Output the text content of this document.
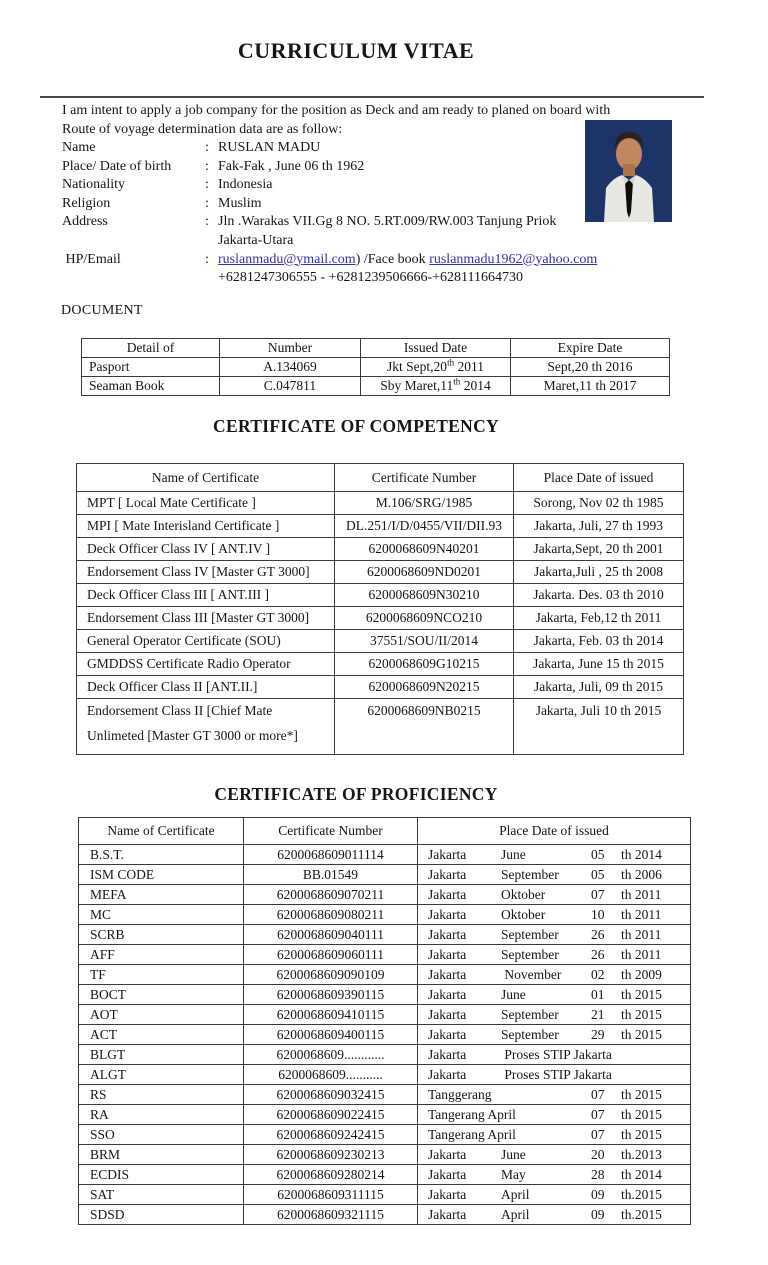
CURRICULUM VITAE
I am intent to apply a job company for the position as Deck and am ready to planed on board with
Route of voyage determination data are as follow:
Name	: RUSLAN MADU
Place/ Date of birth : Fak-Fak , June 06 th 1962
Nationality	: Indonesia
Religion	: Muslim
Address	: Jln .Warakas VII.Gg 8 NO. 5.RT.009/RW.003 Tanjung Priok
Jakarta-Utara
HP/Email	: ruslanmadu@ymail.com) /Face book ruslanmadu1962@yahoo.com
+6281247306555 - +6281239506666-+628111664730
DOCUMENT
Detail of	Number	Issued Date	Expire Date
Pasport	A.134069	Jkt Sept,20th 2011	Sept,20 th 2016
Seaman Book	C.047811	Sby Maret,11th 2014	Maret,11 th 2017
CERTIFICATE OF COMPETENCY
Name of Certificate	Certificate Number	Place Date of issued

MPT [ Local Mate Certificate ]	M.106/SRG/1985	Sorong, Nov 02 th 1985

MPI [ Mate Interisland Certificate ]	DL.251/I/D/0455/VII/DII.93	Jakarta, Juli, 27 th 1993

Deck Officer Class IV [ ANT.IV ]	6200068609N40201	Jakarta,Sept, 20 th 2001

Endorsement Class IV [Master GT 3000]	6200068609ND0201	Jakarta,Juli , 25 th 2008

Deck Officer Class III [ ANT.III ]	6200068609N30210	Jakarta. Des. 03 th 2010

Endorsement Class III [Master GT 3000]	6200068609NCO210	Jakarta, Feb,12 th 2011

General Operator Certificate (SOU)	37551/SOU/II/2014	Jakarta, Feb. 03 th 2014

GMDDSS Certificate Radio Operator	6200068609G10215	Jakarta, June 15 th 2015

Deck Officer Class II [ANT.II.]	6200068609N20215	Jakarta, Juli, 09 th 2015

Endorsement Class II [Chief Mate
Unlimeted [Master GT 3000 or more*]	6200068609NB0215	Jakarta, Juli 10 th 2015
CERTIFICATE OF PROFICIENCY
Name of Certificate	Certificate Number	Place Date of issued
B.S.T.	6200068609011114	Jakarta June 05 th 2014
ISM CODE	BB.01549	Jakarta September 05 th 2006
MEFA	6200068609070211	Jakarta Oktober 07 th 2011
MC	6200068609080211	Jakarta Oktober 10 th 2011
SCRB	6200068609040111	Jakarta September 26 th 2011
AFF	6200068609060111	Jakarta September 26 th 2011
TF	6200068609090109	Jakarta November 02 th 2009
BOCT	6200068609390115	Jakarta June 01 th 2015
AOT	6200068609410115	Jakarta September 21 th 2015
ACT	6200068609400115	Jakarta September 29 th 2015
BLGT	6200068609............	Jakarta Proses STIP Jakarta
ALGT	6200068609...........	Jakarta Proses STIP Jakarta
RS	6200068609032415	Tanggerang 07 th 2015
RA	6200068609022415	Tangerang April 07 th 2015
SSO	6200068609242415	Tangerang April 07 th 2015
BRM	6200068609230213	Jakarta June 20 th.2013
ECDIS	6200068609280214	Jakarta May 28 th 2014
SAT	6200068609311115	Jakarta April 09 th.2015
SDSD	6200068609321115	Jakarta April 09 th.2015
